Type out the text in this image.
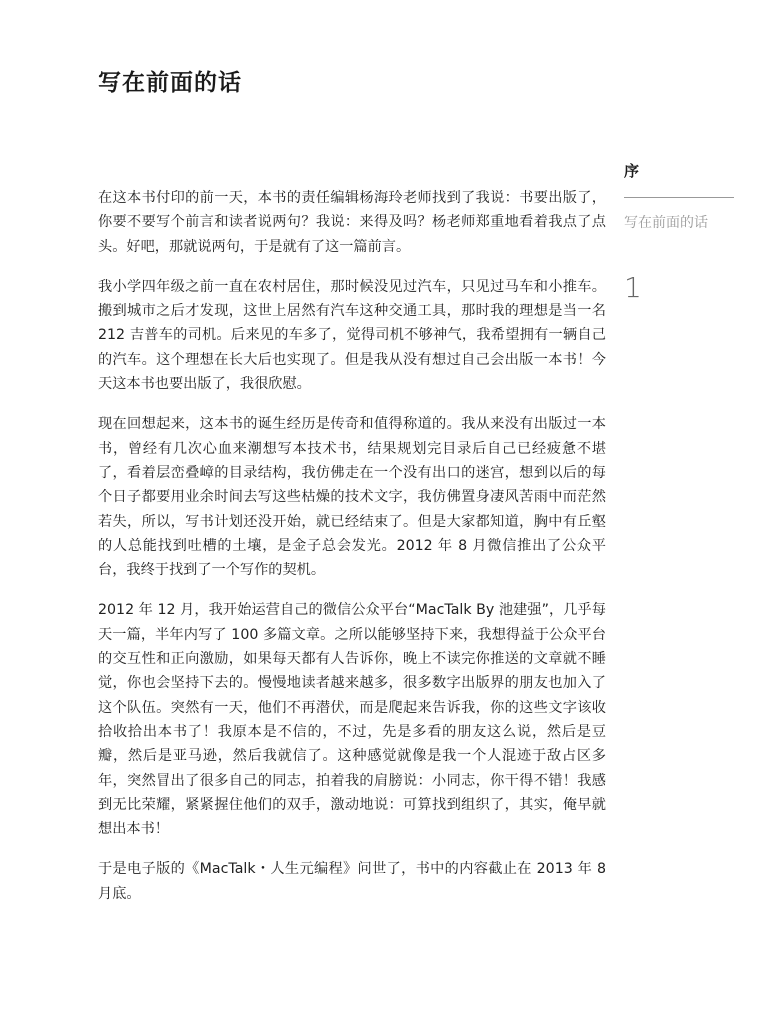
写在前面的话

在这本书付印的前一天，本书的责任编辑杨海玲老师找到了我说：书要出版了，你要不要写个前言和读者说两句？我说：来得及吗？杨老师郑重地看着我点了点头。好吧，那就说两句，于是就有了这一篇前言。

我小学四年级之前一直在农村居住，那时候没见过汽车，只见过马车和小推车。搬到城市之后才发现，这世上居然有汽车这种交通工具，那时我的理想是当一名 212 吉普车的司机。后来见的车多了，觉得司机不够神气，我希望拥有一辆自己的汽车。这个理想在长大后也实现了。但是我从没有想过自己会出版一本书！今天这本书也要出版了，我很欣慰。

现在回想起来，这本书的诞生经历是传奇和值得称道的。我从来没有出版过一本书，曾经有几次心血来潮想写本技术书，结果规划完目录后自己已经疲惫不堪了，看着层峦叠嶂的目录结构，我仿佛走在一个没有出口的迷宫，想到以后的每个日子都要用业余时间去写这些枯燥的技术文字，我仿佛置身凄风苦雨中而茫然若失，所以，写书计划还没开始，就已经结束了。但是大家都知道，胸中有丘壑的人总能找到吐槽的土壤，是金子总会发光。2012 年 8 月微信推出了公众平台，我终于找到了一个写作的契机。

2012 年 12 月，我开始运营自己的微信公众平台“MacTalk By 池建强”，几乎每天一篇，半年内写了 100 多篇文章。之所以能够坚持下来，我想得益于公众平台的交互性和正向激励，如果每天都有人告诉你，晚上不读完你推送的文章就不睡觉，你也会坚持下去的。慢慢地读者越来越多，很多数字出版界的朋友也加入了这个队伍。突然有一天，他们不再潜伏，而是爬起来告诉我，你的这些文字该收拾收拾出本书了！我原本是不信的，不过，先是多看的朋友这么说，然后是豆瓣，然后是亚马逊，然后我就信了。这种感觉就像是我一个人混迹于敌占区多年，突然冒出了很多自己的同志，拍着我的肩膀说：小同志，你干得不错！我感到无比荣耀，紧紧握住他们的双手，激动地说：可算找到组织了，其实，俺早就想出本书！

于是电子版的《MacTalk・人生元编程》问世了，书中的内容截止在 2013 年 8 月底。

序
写在前面的话
1
